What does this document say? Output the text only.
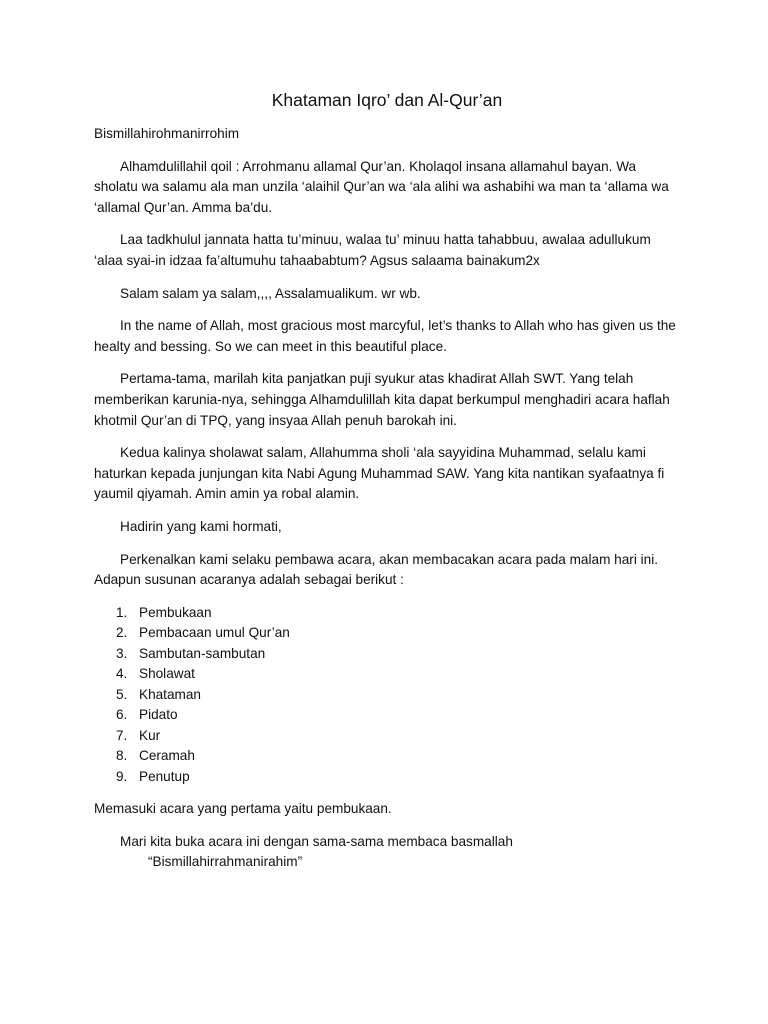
Khataman Iqro’ dan Al-Qur’an

Bismillahirohmanirrohim

Alhamdulillahil qoil : Arrohmanu allamal Qur’an. Kholaqol insana allamahul bayan. Wa sholatu wa salamu ala man unzila ‘alaihil Qur’an wa ‘ala alihi wa ashabihi wa man ta ‘allama wa ‘allamal Qur’an. Amma ba’du.

Laa tadkhulul jannata hatta tu’minuu, walaa tu’ minuu hatta tahabbuu, awalaa adullukum ‘alaa syai-in idzaa fa’altumuhu tahaababtum? Agsus salaama bainakum2x

Salam salam ya salam,,,, Assalamualikum. wr wb.

In the name of Allah, most gracious most marcyful, let’s thanks to Allah who has given us the healty and bessing. So we can meet in this beautiful place.

Pertama-tama, marilah kita panjatkan puji syukur atas khadirat Allah SWT. Yang telah memberikan karunia-nya, sehingga Alhamdulillah kita dapat berkumpul menghadiri acara haflah khotmil Qur’an di TPQ, yang insyaa Allah penuh barokah ini.

Kedua kalinya sholawat salam, Allahumma sholi ‘ala sayyidina Muhammad, selalu kami haturkan kepada junjungan kita Nabi Agung Muhammad SAW. Yang kita nantikan syafaatnya fi yaumil qiyamah. Amin amin ya robal alamin.

Hadirin yang kami hormati,

Perkenalkan kami selaku pembawa acara, akan membacakan acara pada malam hari ini. Adapun susunan acaranya adalah sebagai berikut :

1. Pembukaan
2. Pembacaan umul Qur’an
3. Sambutan-sambutan
4. Sholawat
5. Khataman
6. Pidato
7. Kur
8. Ceramah
9. Penutup

Memasuki acara yang pertama yaitu pembukaan.

Mari kita buka acara ini dengan sama-sama membaca basmallah
“Bismillahirrahmanirahim”
